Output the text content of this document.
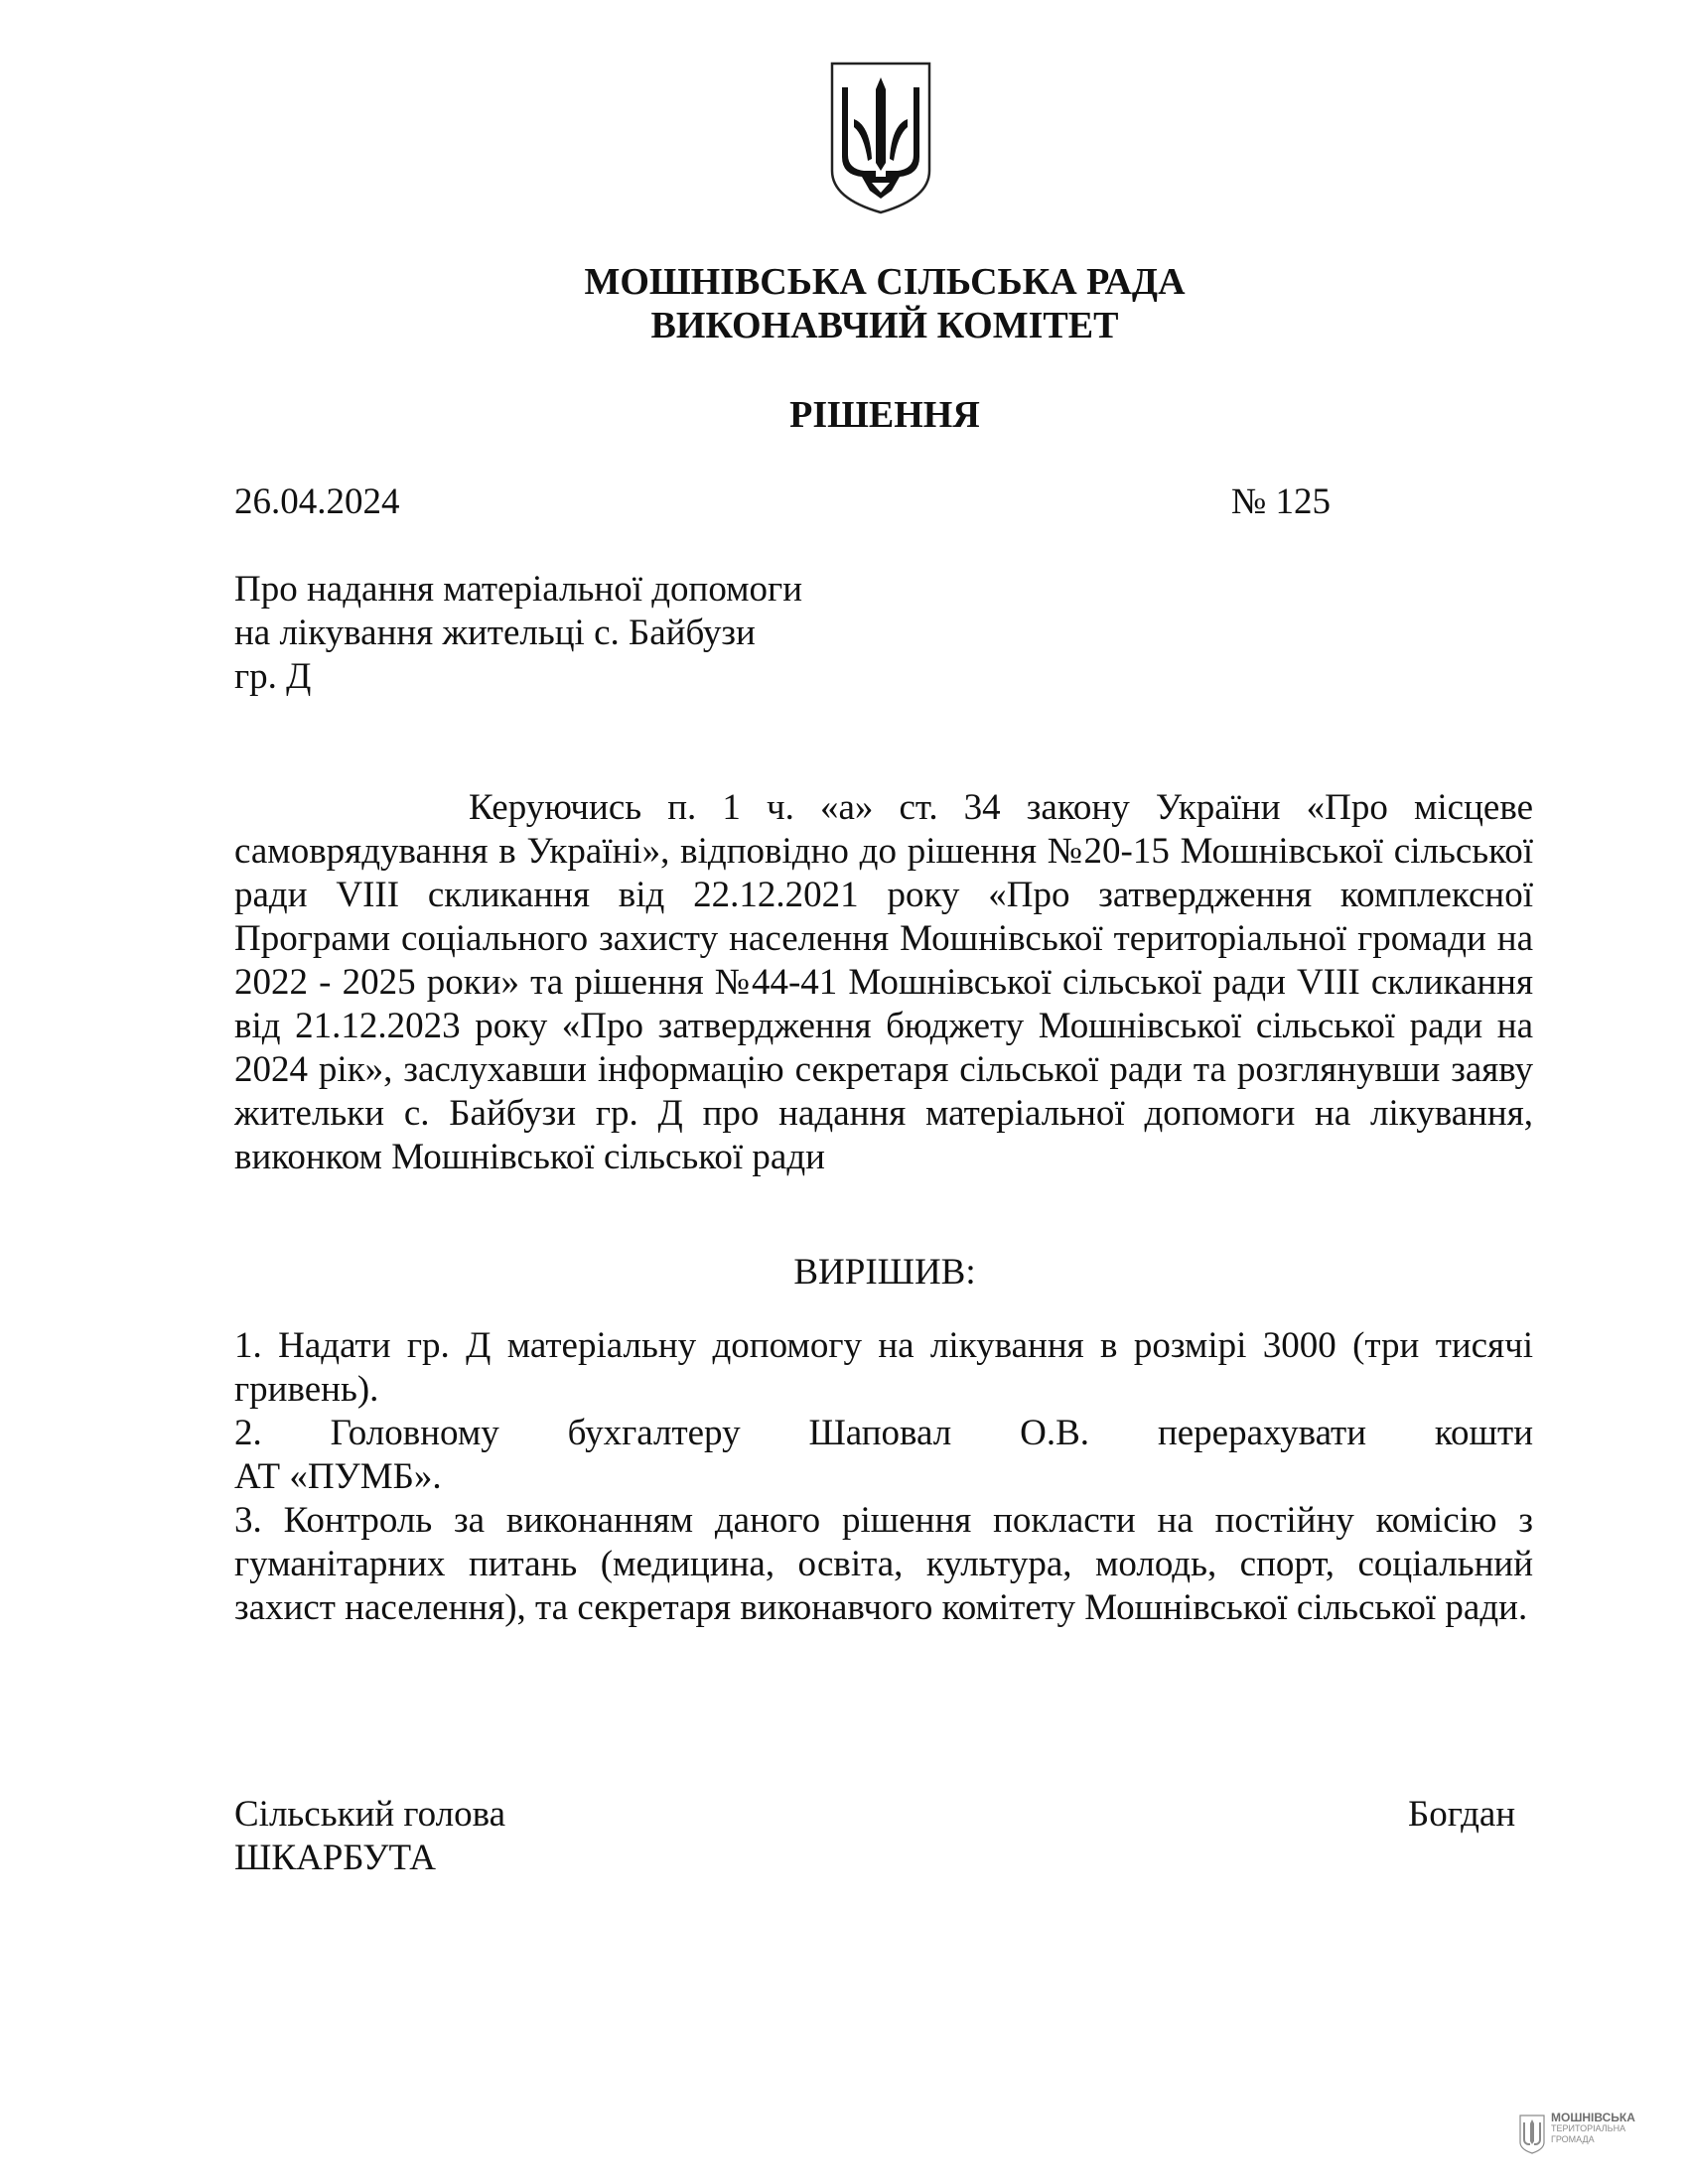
МОШНІВСЬКА СІЛЬСЬКА РАДА
ВИКОНАВЧИЙ КОМІТЕТ
РІШЕННЯ
26.04.2024	№ 125
Про надання матеріальної допомоги
на лікування жительці с. Байбузи
гр. Д
Керуючись п. 1 ч. «а» ст. 34 закону України «Про місцеве самоврядування в Україні», відповідно до рішення №20-15 Мошнівської сільської ради VIII скликання від 22.12.2021 року «Про затвердження комплексної Програми соціального захисту населення Мошнівської територіальної громади на 2022 - 2025 роки» та рішення №44-41 Мошнівської сільської ради VIII скликання від 21.12.2023 року «Про затвердження бюджету Мошнівської сільської ради на 2024 рік», заслухавши інформацію секретаря сільської ради та розглянувши заяву жительки с. Байбузи гр. Д про надання матеріальної допомоги на лікування, виконком Мошнівської сільської ради
ВИРІШИВ:

1. Надати гр. Д матеріальну допомогу на лікування в розмірі 3000 (три тисячі гривень).

2. Головному бухгалтеру Шаповал О.В. перерахувати кошти
АТ «ПУМБ».

3. Контроль за виконанням даного рішення покласти на постійну комісію з гуманітарних питань (медицина, освіта, культура, молодь, спорт, соціальний захист населення), та секретаря виконавчого комітету Мошнівської сільської ради.

Сільський голова	Богдан
ШКАРБУТА
МОШНІВСЬКА
ТЕРИТОРІАЛЬНА
ГРОМАДА
